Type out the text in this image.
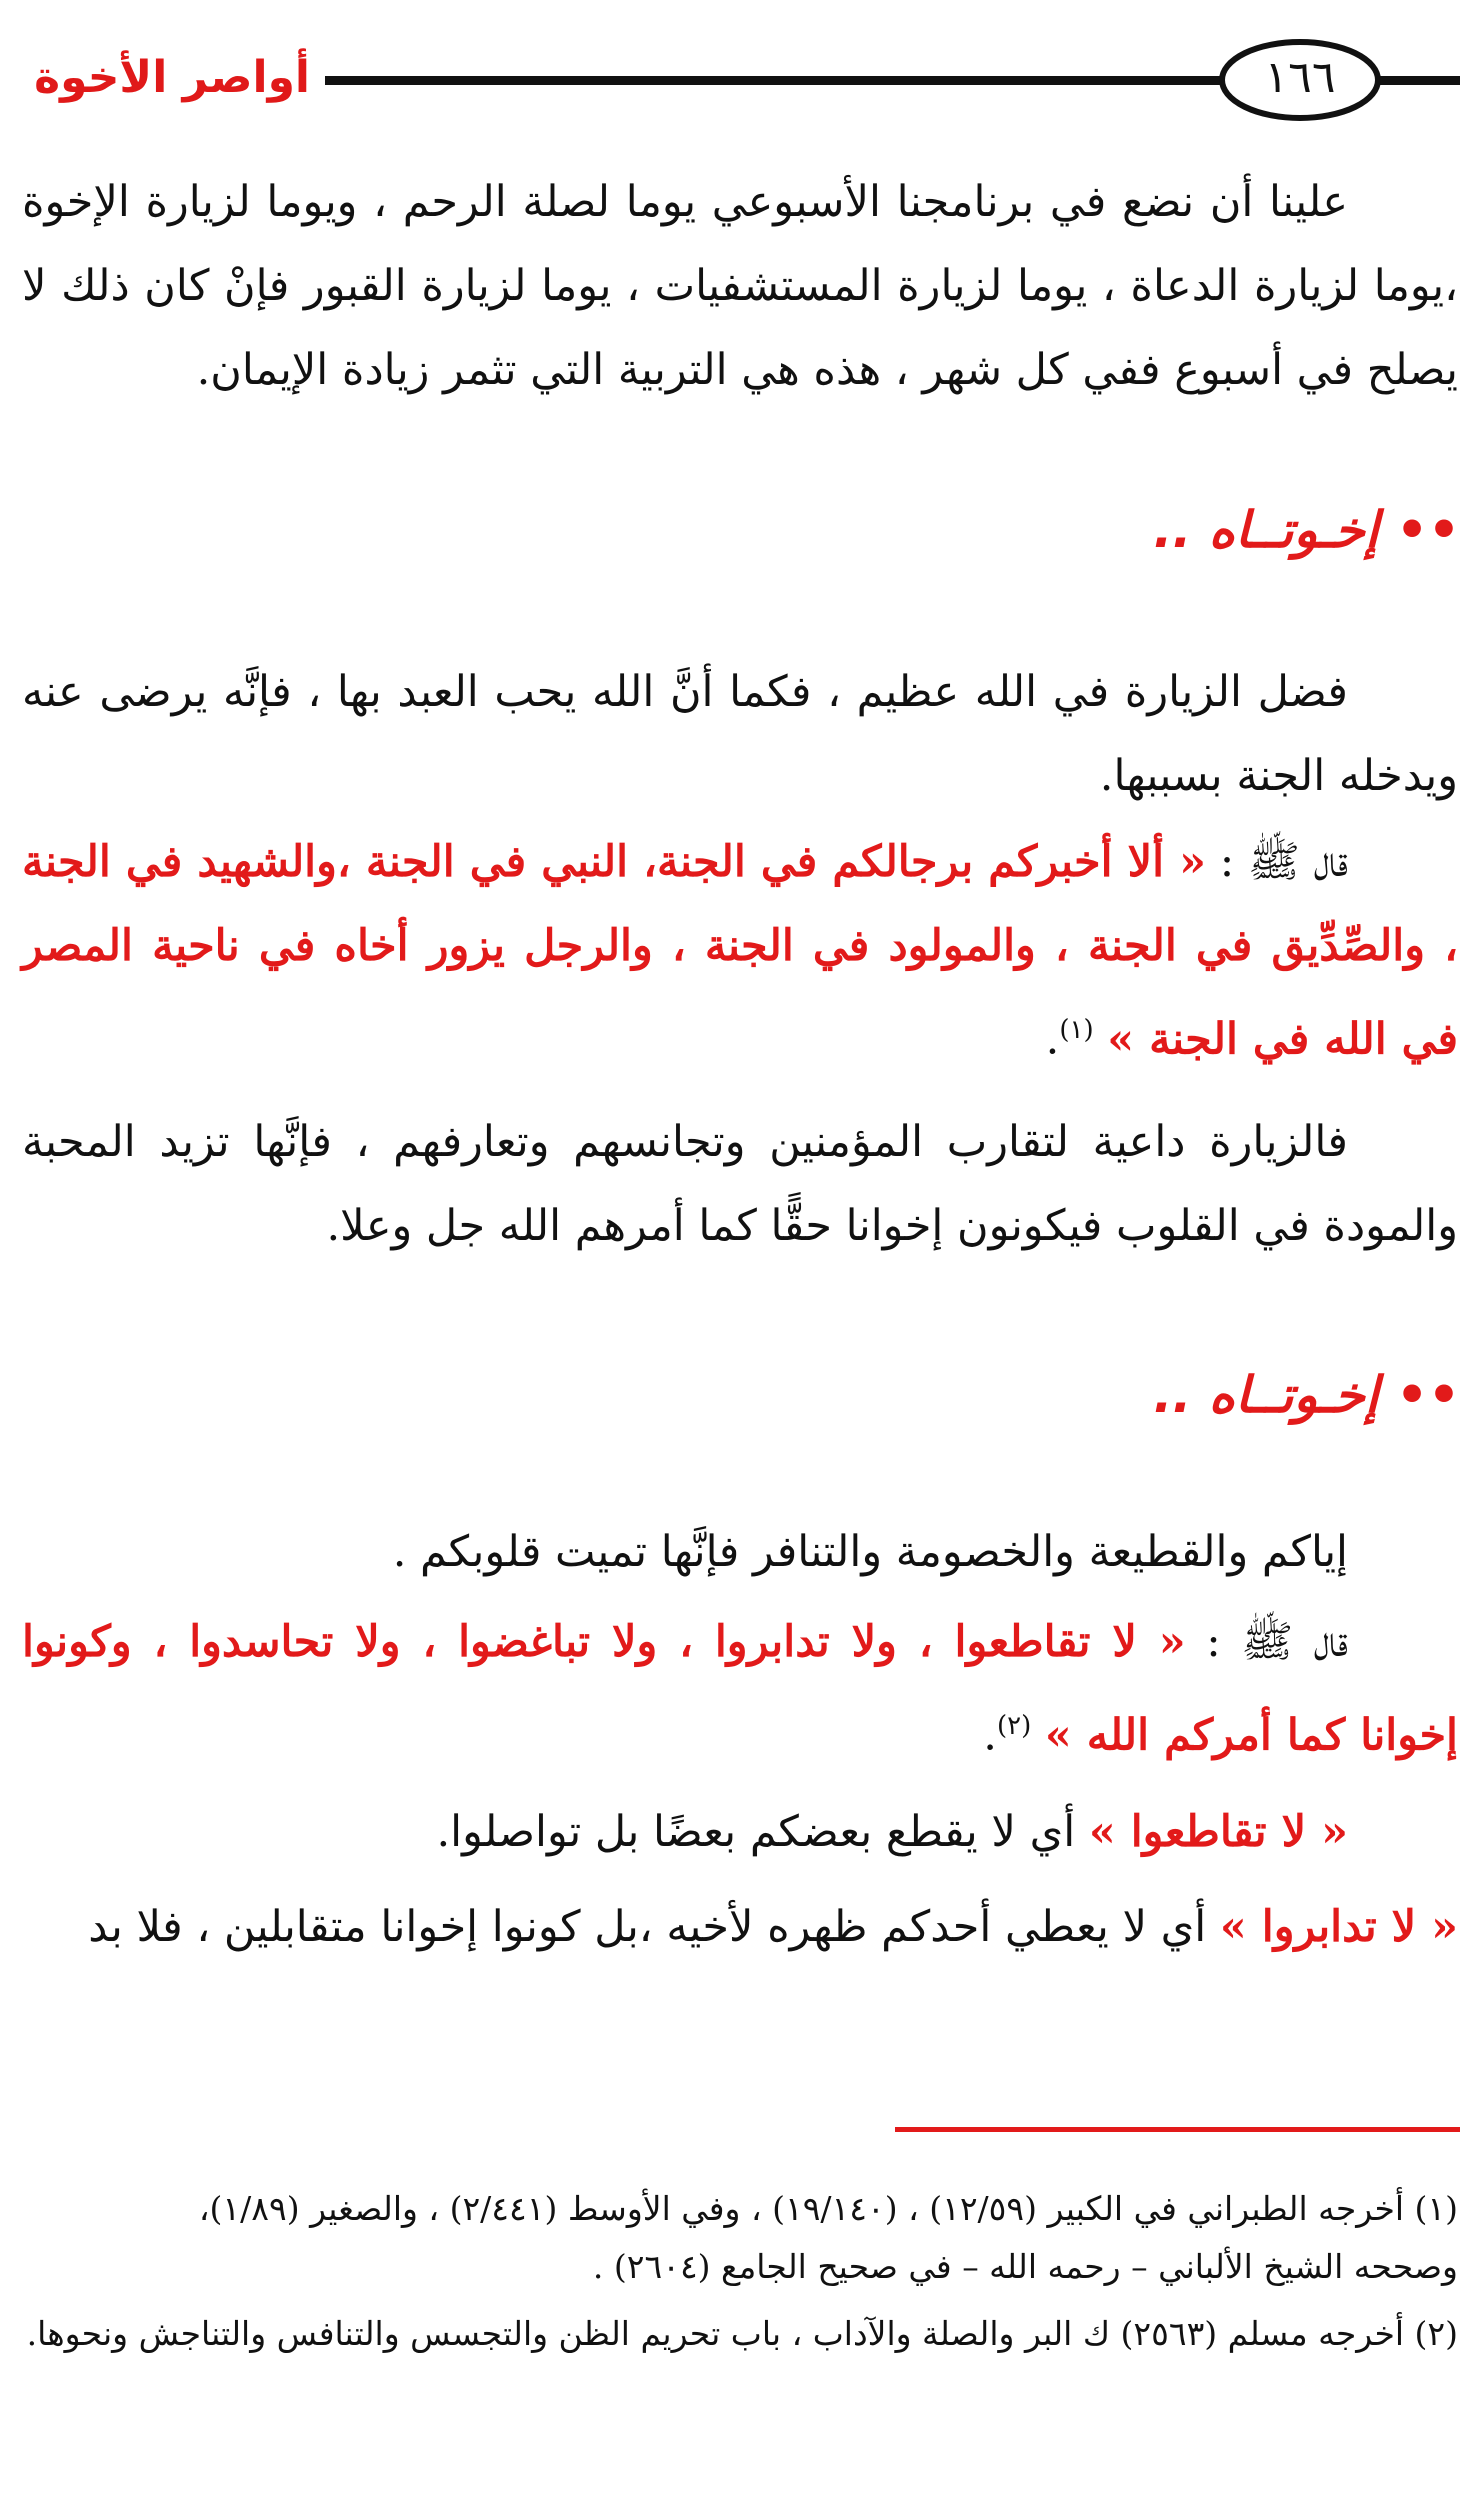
أواصر الأخوة	١٦٦

علينا أن نضع في برنامجنا الأسبوعي يوما لصلة الرحم ، ويوما لزيارة الإخوة ،يوما لزيارة الدعاة ، يوما لزيارة المستشفيات ، يوما لزيارة القبور فإنْ كان ذلك لا يصلح في أسبوع ففي كل شهر ، هذه هي التربية التي تثمر زيادة الإيمان.

•• إخـوتــاه ..

فضل الزيارة في الله عظيم ، فكما أنَّ الله يحب العبد بها ، فإنَّه يرضى عنه ويدخله الجنة بسببها.

قال ﷺ : « ألا أخبركم برجالكم في الجنة، النبي في الجنة ،والشهيد في الجنة ، والصِّدِّيق في الجنة ، والمولود في الجنة ، والرجل يزور أخاه في ناحية المصر في الله في الجنة » $^{(١)}$.

فالزيارة داعية لتقارب المؤمنين وتجانسهم وتعارفهم ، فإنَّها تزيد المحبة والمودة في القلوب فيكونون إخوانا حقًّا كما أمرهم الله جل وعلا.

•• إخـوتــاه ..

إياكم والقطيعة والخصومة والتنافر فإنَّها تميت قلوبكم .

قال ﷺ : « لا تقاطعوا ، ولا تدابروا ، ولا تباغضوا ، ولا تحاسدوا ، وكونوا إخوانا كما أمركم الله » $^{(٢)}$.

« لا تقاطعوا » أي لا يقطع بعضكم بعضًا بل تواصلوا.

« لا تدابروا » أي لا يعطي أحدكم ظهره لأخيه ،بل كونوا إخوانا متقابلين ، فلا بد

(١) أخرجه الطبراني في الكبير (١٢/٥٩) ، (١٩/١٤٠) ، وفي الأوسط (٢/٤٤١) ، والصغير (١/٨٩)،

وصححه الشيخ الألباني – رحمه الله – في صحيح الجامع (٢٦٠٤) .

(٢) أخرجه مسلم (٢٥٦٣) ك البر والصلة والآداب ، باب تحريم الظن والتجسس والتنافس والتناجش ونحوها.
